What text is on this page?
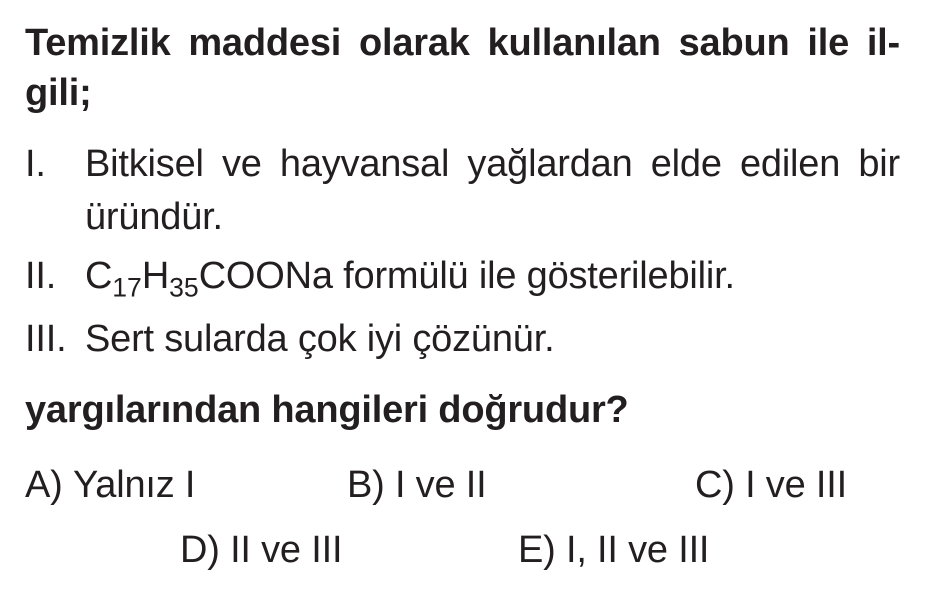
Temizlik maddesi olarak kullanılan sabun ile il-
gili;
I.	Bitkisel ve hayvansal yağlardan elde edilen bir
üründür.
II. $C_{17}H_{35}COONa$ formülü ile gösterilebilir.
III. Sert sularda çok iyi çözünür.
yargılarından hangileri doğrudur?
A) Yalnız I	B) I ve II	C) I ve III
D) II ve III	E) I, II ve III
